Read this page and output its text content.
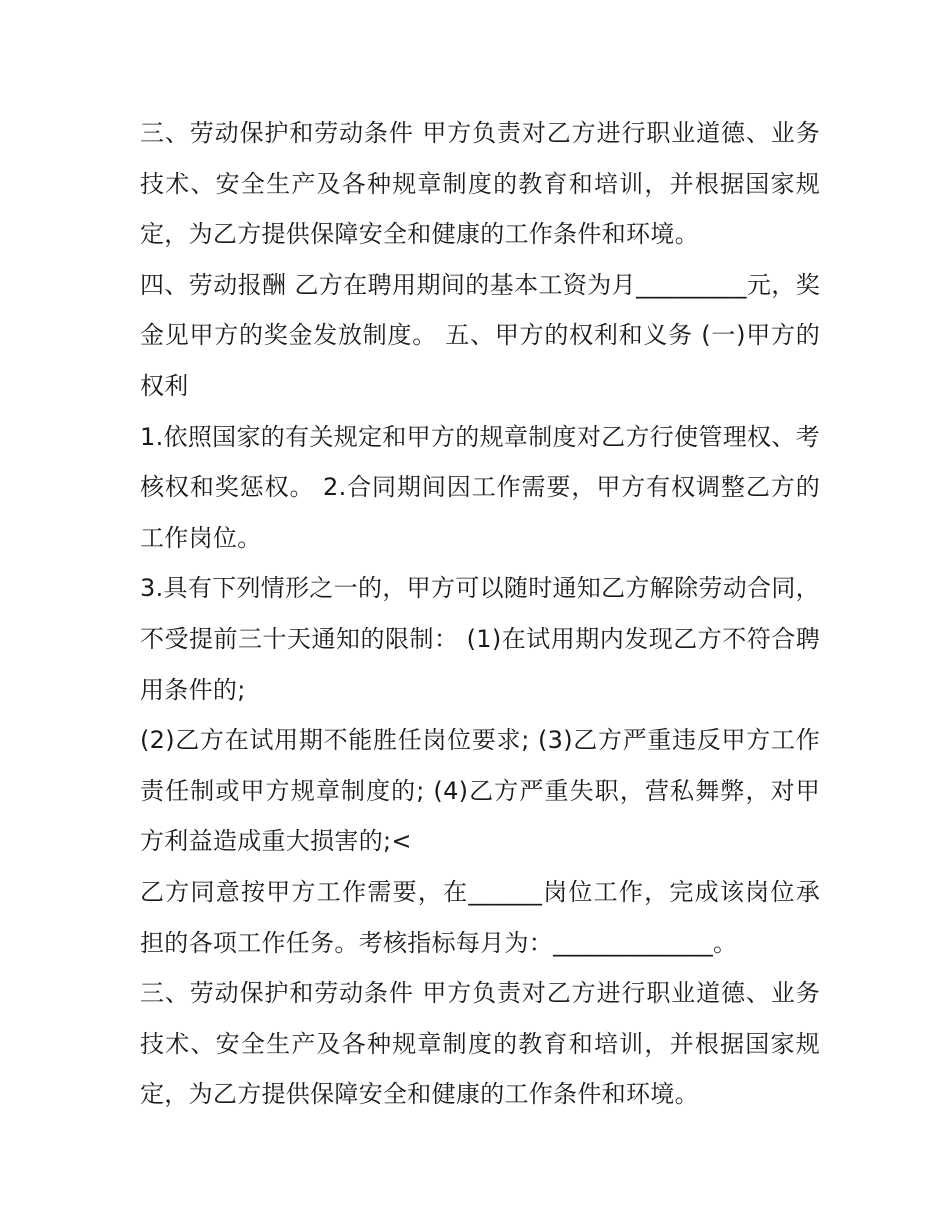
三、劳动保护和劳动条件 甲方负责对乙方进行职业道德、业务技术、安全生产及各种规章制度的教育和培训，并根据国家规定，为乙方提供保障安全和健康的工作条件和环境。

四、劳动报酬 乙方在聘用期间的基本工资为月_________元，奖金见甲方的奖金发放制度。 五、甲方的权利和义务 (一)甲方的权利

1.依照国家的有关规定和甲方的规章制度对乙方行使管理权、考核权和奖惩权。 2.合同期间因工作需要，甲方有权调整乙方的工作岗位。

3.具有下列情形之一的，甲方可以随时通知乙方解除劳动合同，不受提前三十天通知的限制： (1)在试用期内发现乙方不符合聘用条件的;

(2)乙方在试用期不能胜任岗位要求; (3)乙方严重违反甲方工作责任制或甲方规章制度的; (4)乙方严重失职，营私舞弊，对甲方利益造成重大损害的;<

乙方同意按甲方工作需要，在______岗位工作，完成该岗位承担的各项工作任务。考核指标每月为：_____________。

三、劳动保护和劳动条件 甲方负责对乙方进行职业道德、业务技术、安全生产及各种规章制度的教育和培训，并根据国家规定，为乙方提供保障安全和健康的工作条件和环境。
